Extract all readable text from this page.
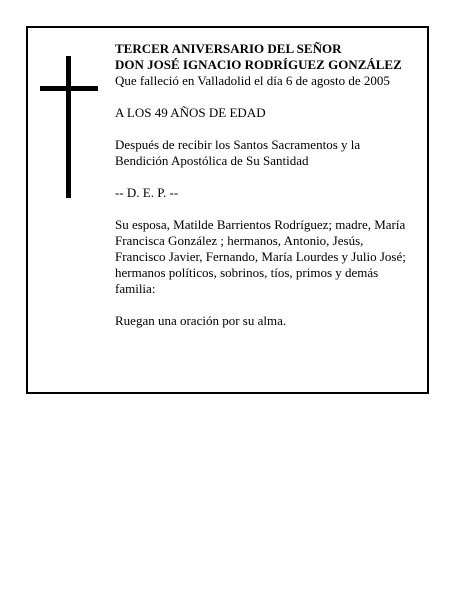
TERCER ANIVERSARIO DEL SEÑOR
DON JOSÉ IGNACIO RODRÍGUEZ GONZÁLEZ

Que falleció en Valladolid el día 6 de agosto de 2005

A LOS 49 AÑOS DE EDAD

Después de recibir los Santos Sacramentos y la
Bendición Apostólica de Su Santidad

-- D. E. P. --

Su esposa, Matilde Barrientos Rodríguez; madre, María
Francisca González ; hermanos, Antonio, Jesús,
Francisco Javier, Fernando, María Lourdes y Julio José;
hermanos políticos, sobrinos, tíos, primos y demás
familia:

Ruegan una oración por su alma.
